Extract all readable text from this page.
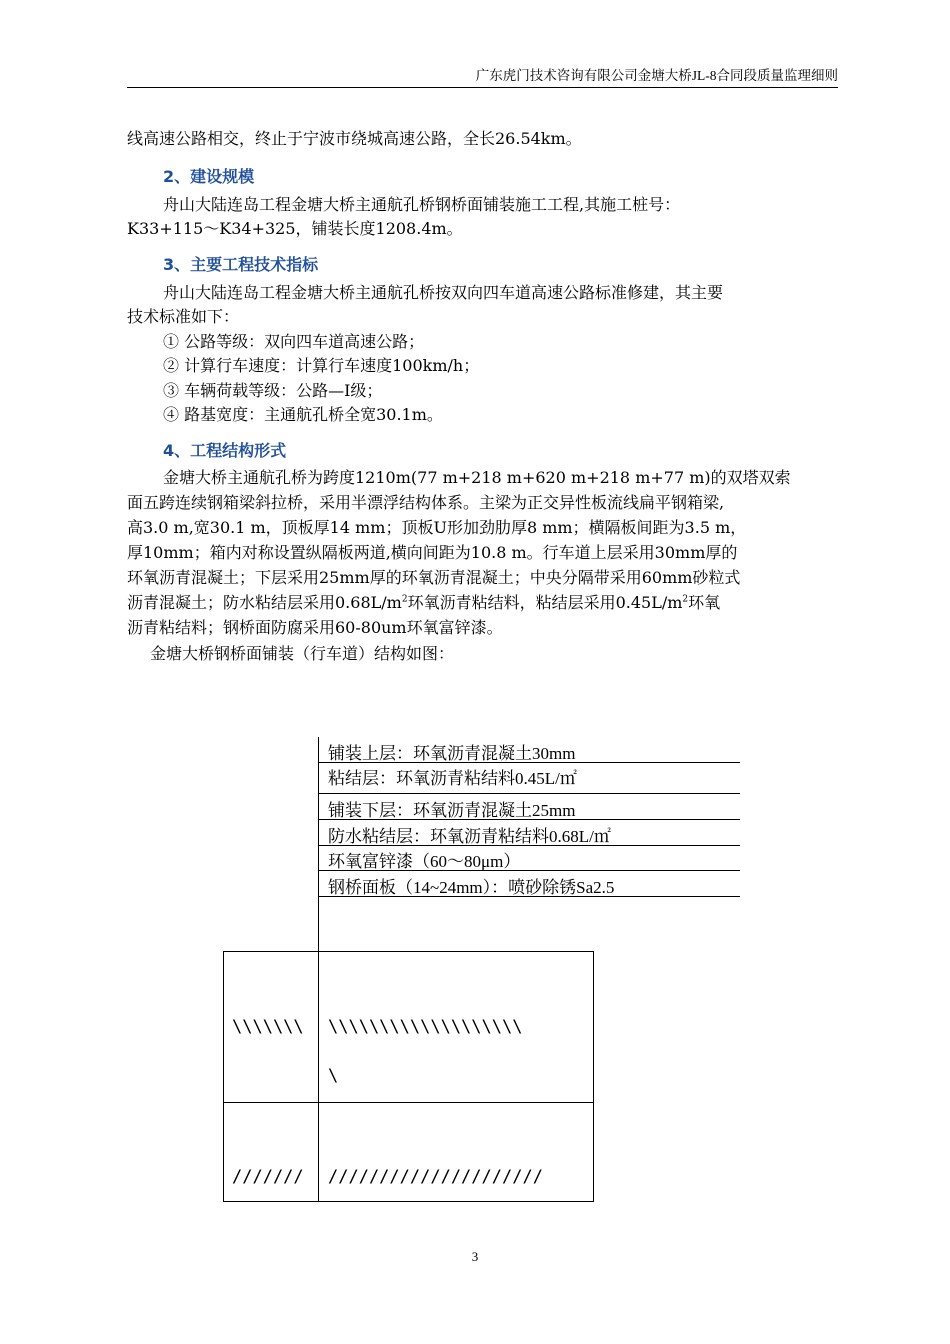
广东虎门技术咨询有限公司金塘大桥JL-8合同段质量监理细则
线高速公路相交，终止于宁波市绕城高速公路，全长26.54km。
2、建设规模
舟山大陆连岛工程金塘大桥主通航孔桥钢桥面铺装施工工程,其施工桩号：
K33+115～K34+325，铺装长度1208.4m。
3、主要工程技术指标
舟山大陆连岛工程金塘大桥主通航孔桥按双向四车道高速公路标准修建，其主要
技术标准如下：
① 公路等级：双向四车道高速公路；
② 计算行车速度：计算行车速度100km/h；
③ 车辆荷载等级：公路—I级；
④ 路基宽度：主通航孔桥全宽30.1m。
4、工程结构形式
金塘大桥主通航孔桥为跨度1210m(77 m+218 m+620 m+218 m+77 m)的双塔双索
面五跨连续钢箱梁斜拉桥，采用半漂浮结构体系。主梁为正交异性板流线扁平钢箱梁,
高3.0 m,宽30.1 m，顶板厚14 mm；顶板U形加劲肋厚8 mm；横隔板间距为3.5 m，
厚10mm；箱内对称设置纵隔板两道,横向间距为10.8 m。行车道上层采用30mm厚的
环氧沥青混凝土；下层采用25mm厚的环氧沥青混凝土；中央分隔带采用60mm砂粒式
沥青混凝土；防水粘结层采用$0.68L/m^2$环氧沥青粘结料，粘结层采用$0.45L/m^2$环氧
沥青粘结料；钢桥面防腐采用60-80um环氧富锌漆。
金塘大桥钢桥面铺装（行车道）结构如图：
铺装上层：环氧沥青混凝土30mm
粘结层：环氧沥青粘结料0.45L/㎡
铺装下层：环氧沥青混凝土25mm
防水粘结层：环氧沥青粘结料0.68L/㎡
环氧富锌漆（60～80μm）
钢桥面板（14~24mm）：喷砂除锈Sa2.5
\\\\\\\ \\\\\\\\\\\\\\\\\\\
\
/////// /////////////////////
3
